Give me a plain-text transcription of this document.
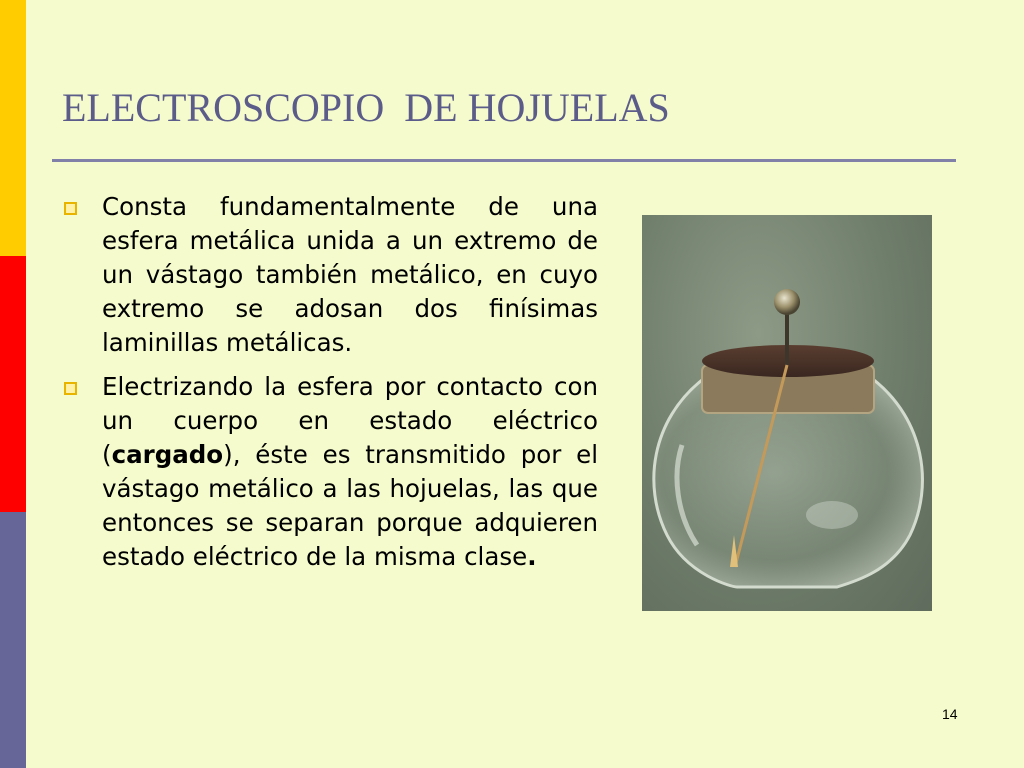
ELECTROSCOPIO  DE HOJUELAS
Consta fundamentalmente de una esfera metálica unida a un extremo de un vástago también metálico, en cuyo extremo se adosan dos finísimas laminillas metálicas.
Electrizando la esfera por contacto con un cuerpo en estado eléctrico (cargado), éste es transmitido por el vástago metálico a las hojuelas, las que entonces se separan porque adquieren estado eléctrico de la misma clase.
14
